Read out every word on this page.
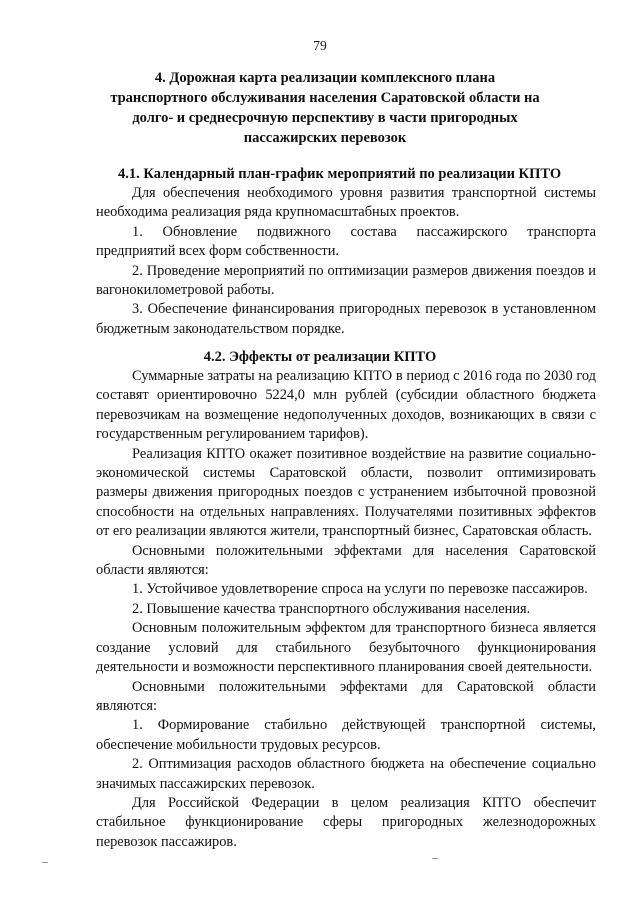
79
4. Дорожная карта реализации комплексного плана транспортного обслуживания населения Саратовской области на долго- и среднесрочную перспективу в части пригородных пассажирских перевозок
4.1. Календарный план-график мероприятий по реализации КПТО

Для обеспечения необходимого уровня развития транспортной системы необходима реализация ряда крупномасштабных проектов.

1. Обновление подвижного состава пассажирского транспорта предприятий всех форм собственности.

2. Проведение мероприятий по оптимизации размеров движения поездов и вагонокилометровой работы.

3. Обеспечение финансирования пригородных перевозок в установленном бюджетным законодательством порядке.

4.2. Эффекты от реализации КПТО

Суммарные затраты на реализацию КПТО в период с 2016 года по 2030 год составят ориентировочно 5224,0 млн рублей (субсидии областного бюджета перевозчикам на возмещение недополученных доходов, возникающих в связи с государственным регулированием тарифов).

Реализация КПТО окажет позитивное воздействие на развитие социально-экономической системы Саратовской области, позволит оптимизировать размеры движения пригородных поездов с устранением избыточной провозной способности на отдельных направлениях. Получателями позитивных эффектов от его реализации являются жители, транспортный бизнес, Саратовская область.

Основными положительными эффектами для населения Саратовской области являются:

1. Устойчивое удовлетворение спроса на услуги по перевозке пассажиров.

2. Повышение качества транспортного обслуживания населения.

Основным положительным эффектом для транспортного бизнеса является создание условий для стабильного безубыточного функционирования деятельности и возможности перспективного планирования своей деятельности.

Основными положительными эффектами для Саратовской области являются:

1. Формирование стабильно действующей транспортной системы, обеспечение мобильности трудовых ресурсов.

2. Оптимизация расходов областного бюджета на обеспечение социально значимых пассажирских перевозок.

Для Российской Федерации в целом реализация КПТО обеспечит стабильное функционирование сферы пригородных железнодорожных перевозок пассажиров.
